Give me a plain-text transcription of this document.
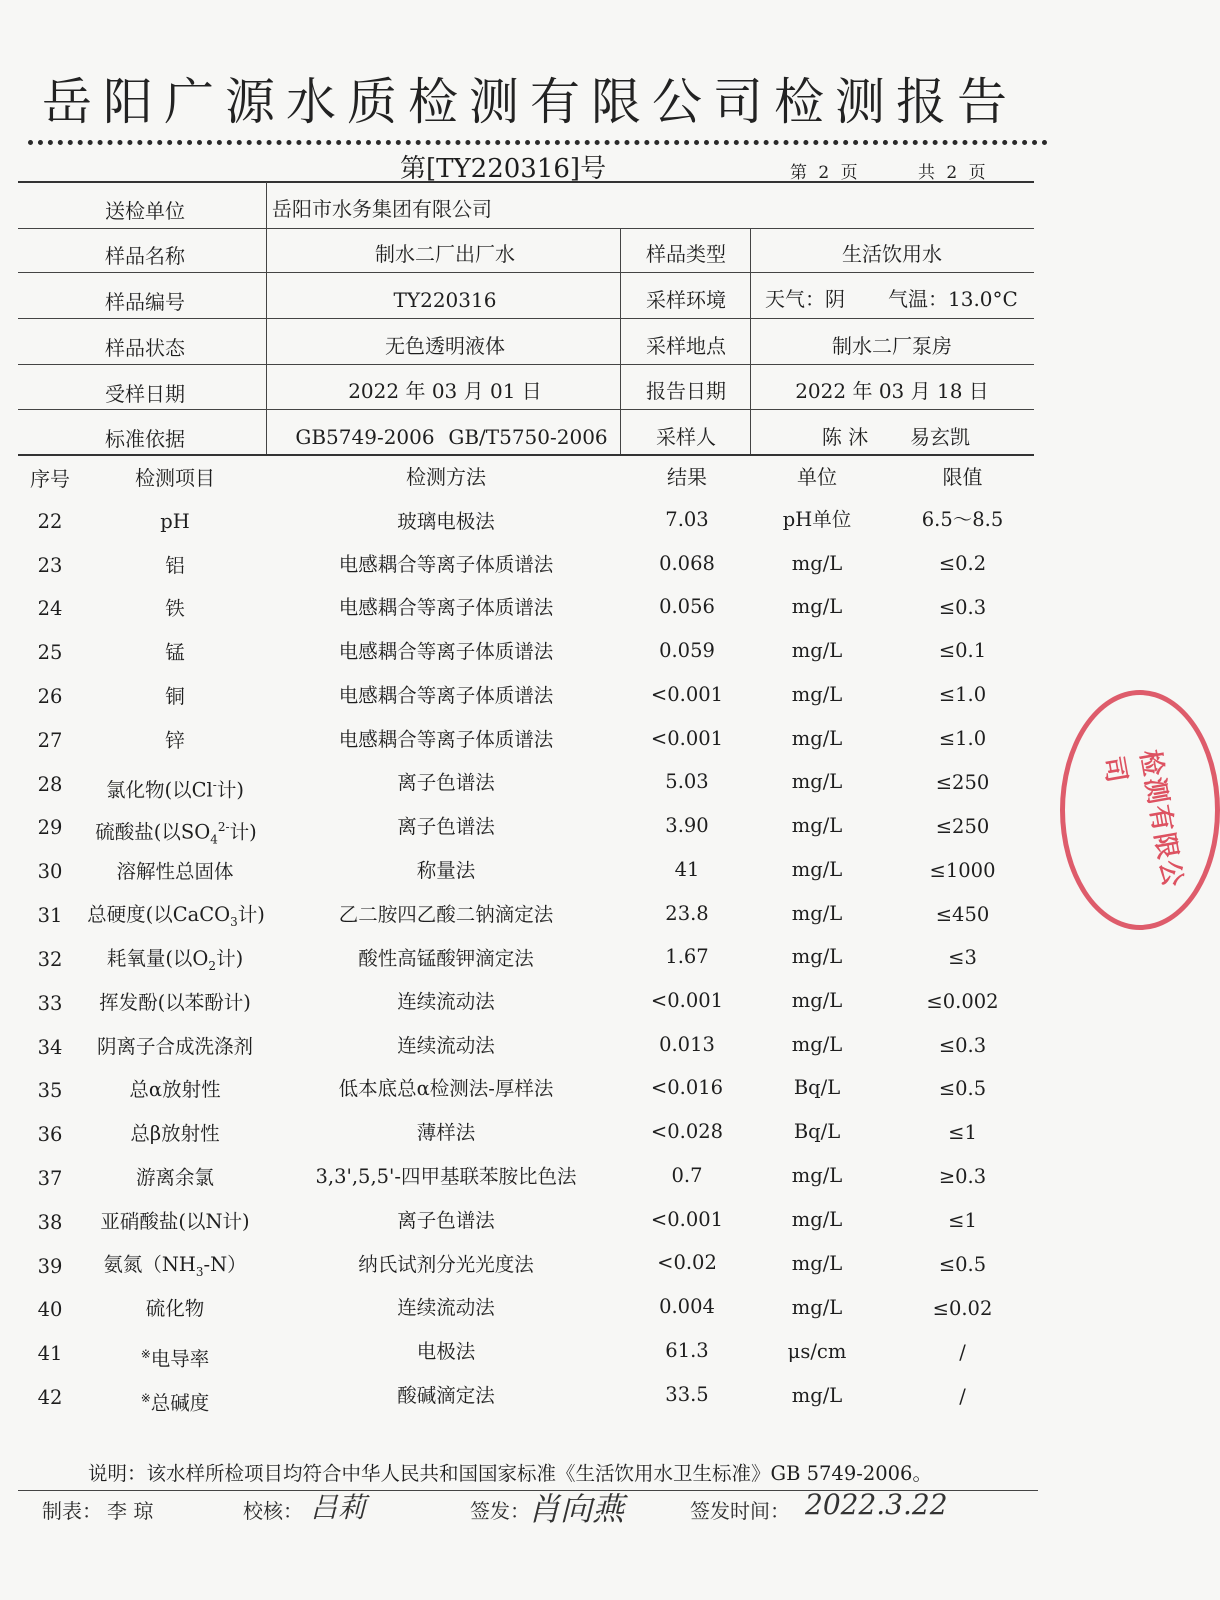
岳阳广源水质检测有限公司检测报告
第[TY220316]号	第 2 页	共 2 页
送检单位	岳阳市水务集团有限公司
样品名称	制水二厂出厂水	样品类型	生活饮用水
样品编号	TY220316	采样环境	天气：阴	气温：13.0°C
样品状态	无色透明液体	采样地点	制水二厂泵房
受样日期	2022 年 03 月 01 日	报告日期	2022 年 03 月 18 日
标准依据	GB5749-2006 GB/T5750-2006	采样人	陈 沐	易玄凯
序号	检测项目	检测方法	结果	单位	限值
22	pH	玻璃电极法	7.03	pH单位	6.5～8.5
23	铝	电感耦合等离子体质谱法	0.068	mg/L	≤0.2
24	铁	电感耦合等离子体质谱法	0.056	mg/L	≤0.3
25	锰	电感耦合等离子体质谱法	0.059	mg/L	≤0.1
26	铜	电感耦合等离子体质谱法	<0.001	mg/L	≤1.0
27	锌	电感耦合等离子体质谱法	<0.001	mg/L	≤1.0
28	氯化物(以Cl-计)	离子色谱法	5.03	mg/L	≤250
29	硫酸盐(以$SO_4^{2-}$计)	离子色谱法	3.90	mg/L	≤250
30	溶解性总固体	称量法	41	mg/L	≤1000
31	总硬度(以CaCO$_3$计)	乙二胺四乙酸二钠滴定法	23.8	mg/L	≤450
32	耗氧量(以$O_2$计)	酸性高锰酸钾滴定法	1.67	mg/L	≤3
33	挥发酚(以苯酚计)	连续流动法	<0.001	mg/L	≤0.002
34	阴离子合成洗涤剂	连续流动法	0.013	mg/L	≤0.3
35	总α放射性	低本底总α检测法-厚样法	<0.016	Bq/L	≤0.5
36	总β放射性	薄样法	<0.028	Bq/L	≤1
37	游离余氯	3,3',5,5'-四甲基联苯胺比色法	0.7	mg/L	≥0.3
38	亚硝酸盐(以N计)	离子色谱法	<0.001	mg/L	≤1
39	氨氮$(NH_3-N)$	纳氏试剂分光光度法	<0.02	mg/L	≤0.5
40	硫化物	连续流动法	0.004	mg/L	≤0.02
41	※电导率	电极法	61.3	μs/cm	/
42	※总碱度	酸碱滴定法	33.5	mg/L	/
说明：该水样所检项目均符合中华人民共和国国家标准《生活饮用水卫生标准》GB 5749-2006。
制表： 李 琼	校核： 吕莉	签发：
肖向燕	签发时间： 2022.3.22
检测有限公司
